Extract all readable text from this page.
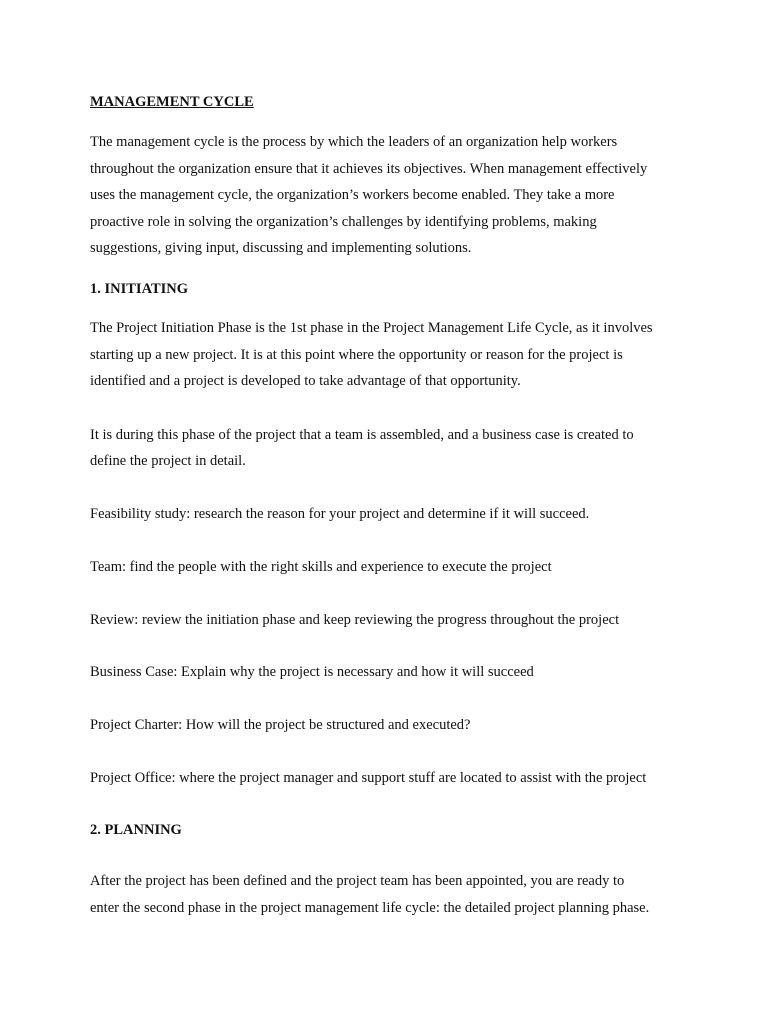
MANAGEMENT CYCLE
The management cycle is the process by which the leaders of an organization help workers
throughout the organization ensure that it achieves its objectives. When management effectively
uses the management cycle, the organization’s workers become enabled. They take a more
proactive role in solving the organization’s challenges by identifying problems, making
suggestions, giving input, discussing and implementing solutions.
1. INITIATING
The Project Initiation Phase is the 1st phase in the Project Management Life Cycle, as it involves
starting up a new project. It is at this point where the opportunity or reason for the project is
identified and a project is developed to take advantage of that opportunity.
It is during this phase of the project that a team is assembled, and a business case is created to
define the project in detail.
Feasibility study: research the reason for your project and determine if it will succeed.
Team: find the people with the right skills and experience to execute the project
Review: review the initiation phase and keep reviewing the progress throughout the project
Business Case: Explain why the project is necessary and how it will succeed
Project Charter: How will the project be structured and executed?
Project Office: where the project manager and support stuff are located to assist with the project
2. PLANNING
After the project has been defined and the project team has been appointed, you are ready to
enter the second phase in the project management life cycle: the detailed project planning phase.
